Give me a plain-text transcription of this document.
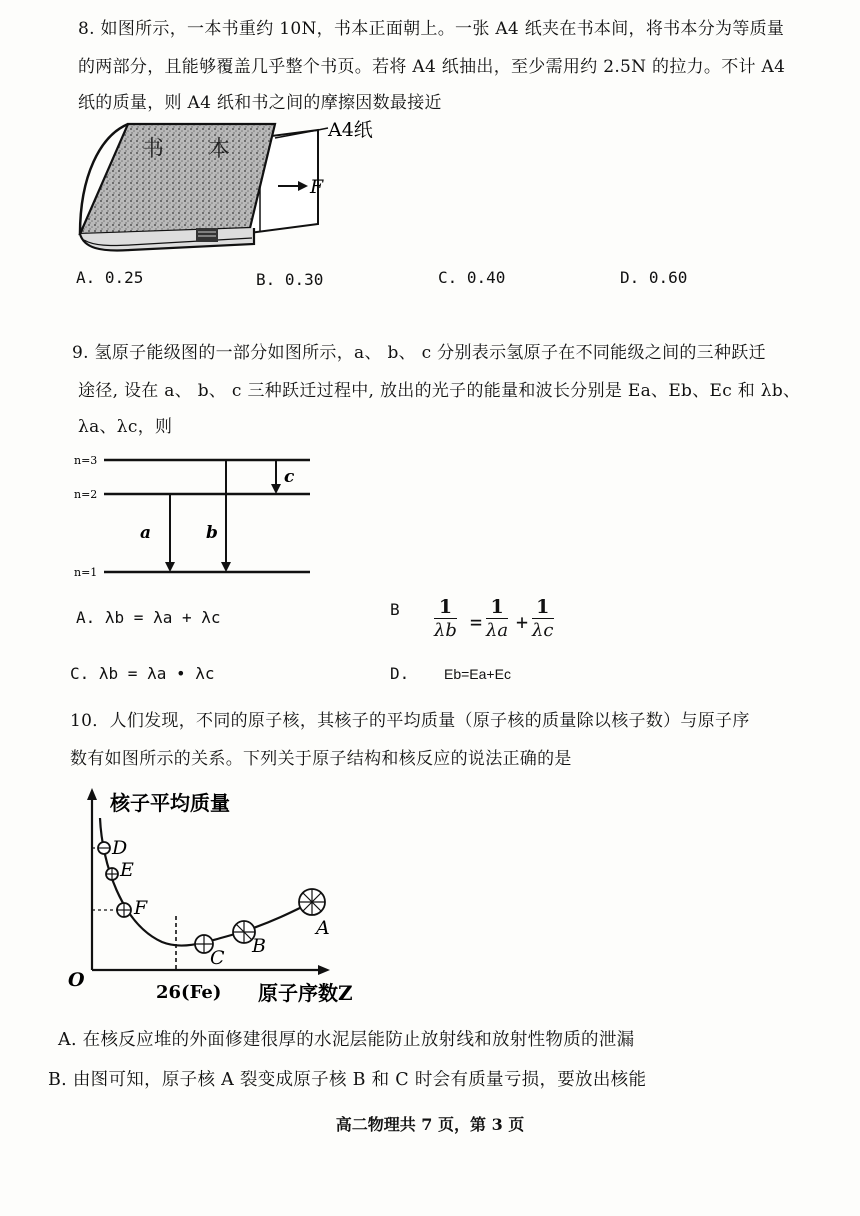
8. 如图所示，一本书重约 10N，书本正面朝上。一张 A4 纸夹在书本间，将书本分为等质量
的两部分，且能够覆盖几乎整个书页。若将 A4 纸抽出，至少需用约 2.5N 的拉力。不计 A4
纸的质量，则 A4 纸和书之间的摩擦因数最接近
A4纸
书 本
F
A. 0.25	B. 0.30	C. 0.40	D. 0.60
9. 氢原子能级图的一部分如图所示，a、 b、 c 分别表示氢原子在不同能级之间的三种跃迁
途径, 设在 a、 b、 c 三种跃迁过程中, 放出的光子的能量和波长分别是 Ea、Eb、Ec 和 λb、
λa、λc，则
n=3
n=2
n=1
c
a	b
A. λb = λa + λc	B $\frac{1}{\lambda b} = \frac{1}{\lambda a} + \frac{1}{\lambda c}$
C. λb = λa • λc	D. Eb=Ea+Ec
10．人们发现，不同的原子核，其核子的平均质量（原子核的质量除以核子数）与原子序
数有如图所示的关系。下列关于原子结构和核反应的说法正确的是
核子平均质量
O
26(Fe) 原子序数Z
D
E
F
C
B
A
A. 在核反应堆的外面修建很厚的水泥层能防止放射线和放射性物质的泄漏
B. 由图可知，原子核 A 裂变成原子核 B 和 C 时会有质量亏损，要放出核能
高二物理共 7 页，第 3 页
